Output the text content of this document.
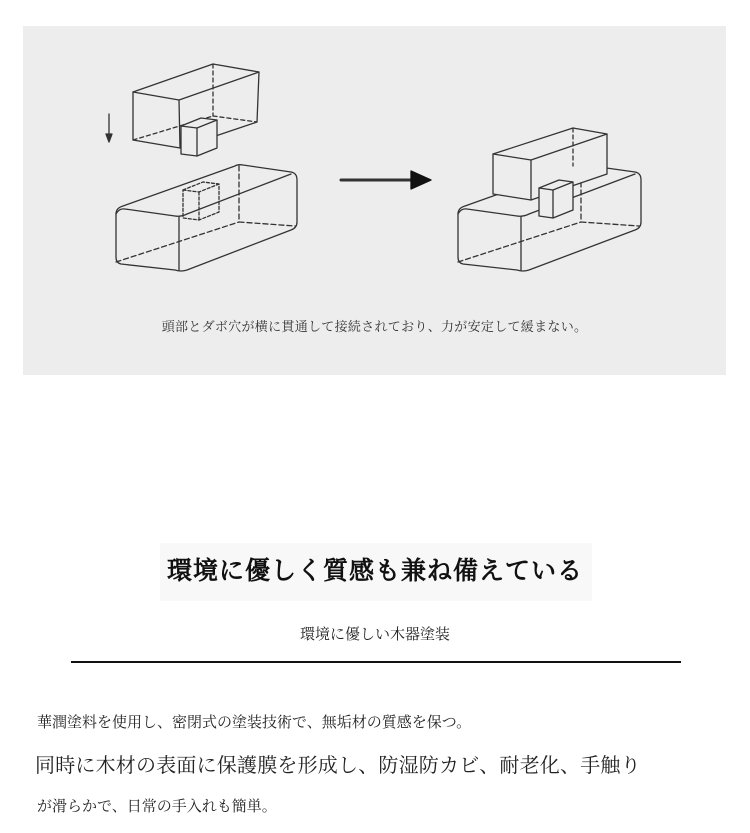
頭部とダボ穴が横に貫通して接続されており、力が安定して緩まない。
環境に優しく質感も兼ね備えている
環境に優しい木器塗装
華潤塗料を使用し、密閉式の塗装技術で、無垢材の質感を保つ。
同時に木材の表面に保護膜を形成し、防湿防カビ、耐老化、手触り
が滑らかで、日常の手入れも簡単。
